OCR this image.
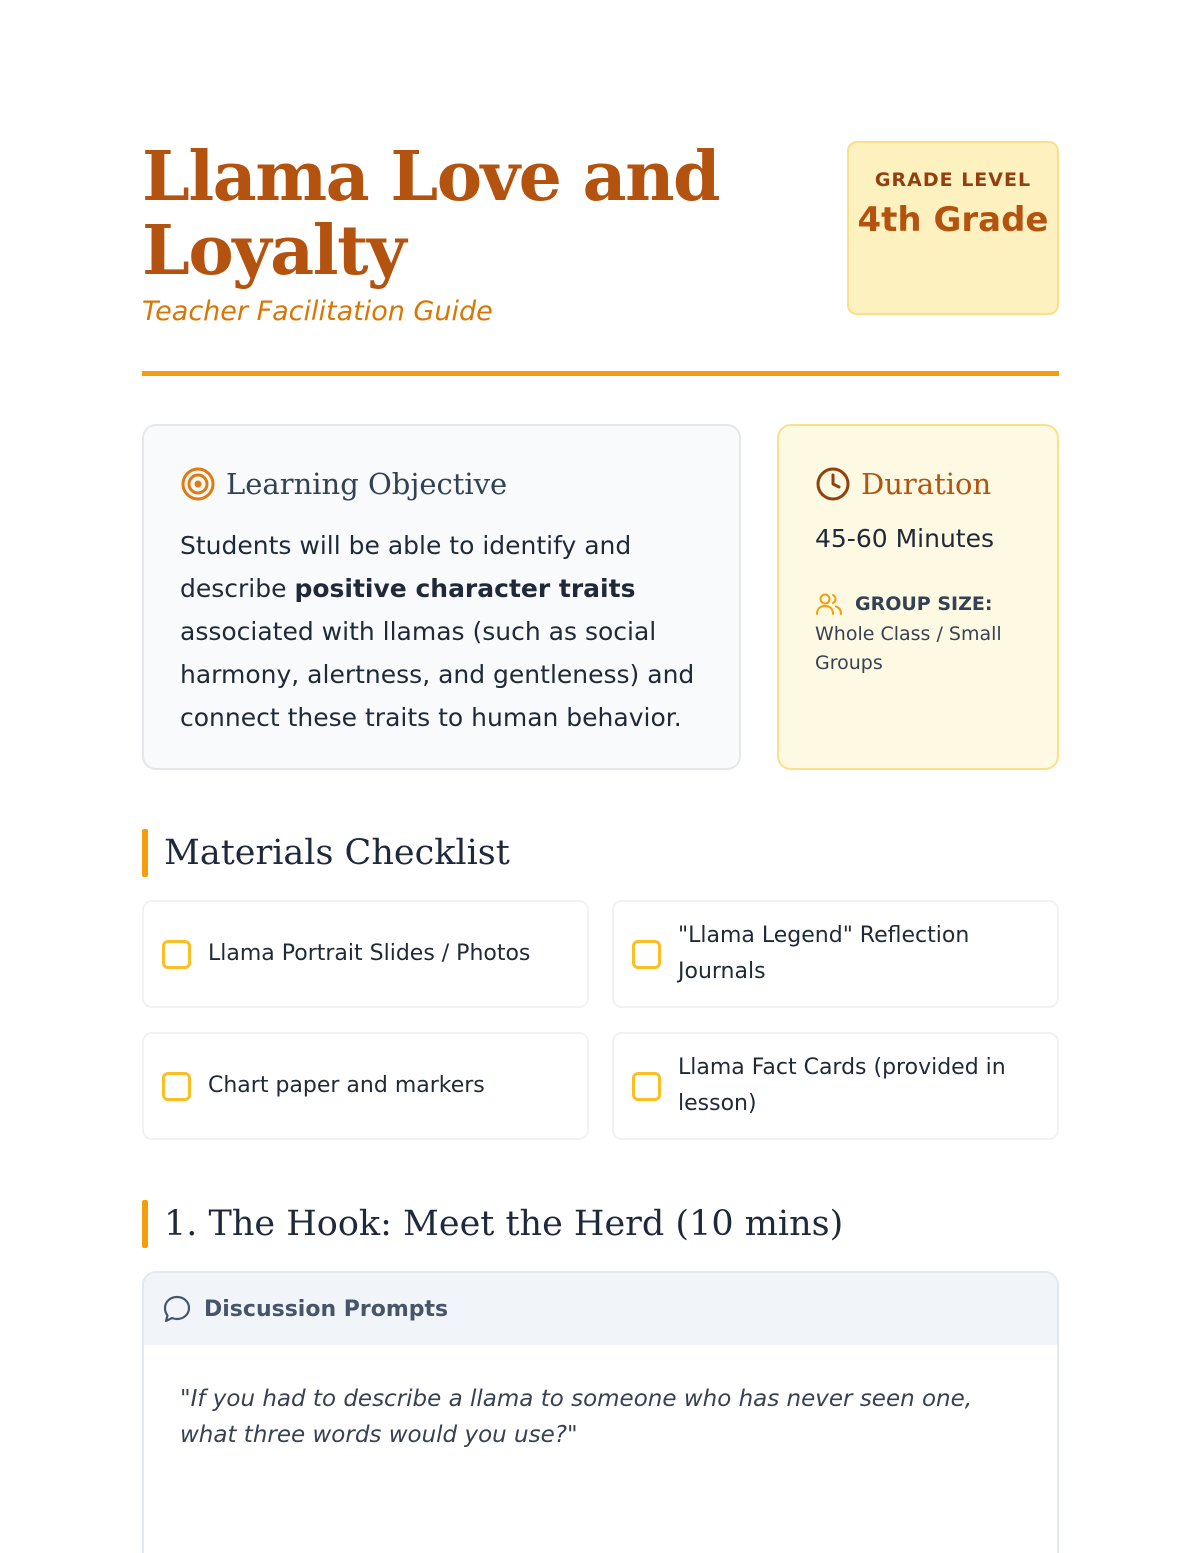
Llama Love and Loyalty
Teacher Facilitation Guide
GRADE LEVEL
4th Grade
Learning Objective

Students will be able to identify and describe positive character traits associated with llamas (such as social harmony, alertness, and gentleness) and connect these traits to human behavior.

Duration
45-60 Minutes
GROUP SIZE:
Whole Class / Small Groups
Materials Checklist
Llama Portrait Slides / Photos
"Llama Legend" Reflection Journals
Chart paper and markers
Llama Fact Cards (provided in lesson)
1. The Hook: Meet the Herd (10 mins)
Discussion Prompts

"If you had to describe a llama to someone who has never seen one, what three words would you use?"
